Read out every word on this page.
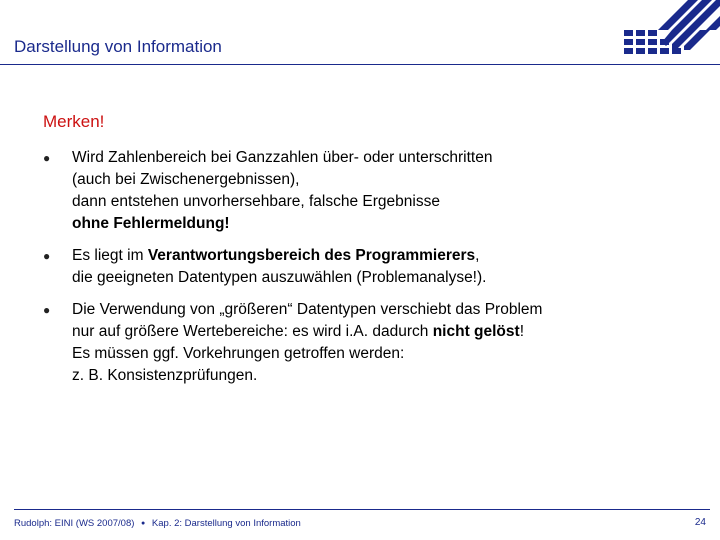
Darstellung von Information
Merken!
● Wird Zahlenbereich bei Ganzzahlen über- oder unterschritten
(auch bei Zwischenergebnissen),
dann entstehen unvorhersehbare, falsche Ergebnisse
ohne Fehlermeldung!
● Es liegt im Verantwortungsbereich des Programmierers,
die geeigneten Datentypen auszuwählen (Problemanalyse!).
● Die Verwendung von „größeren“ Datentypen verschiebt das Problem
nur auf größere Wertebereiche: es wird i.A. dadurch nicht gelöst!
Es müssen ggf. Vorkehrungen getroffen werden:
z. B. Konsistenzprüfungen.
Rudolph: EINI (WS 2007/08) ● Kap. 2: Darstellung von Information	24
